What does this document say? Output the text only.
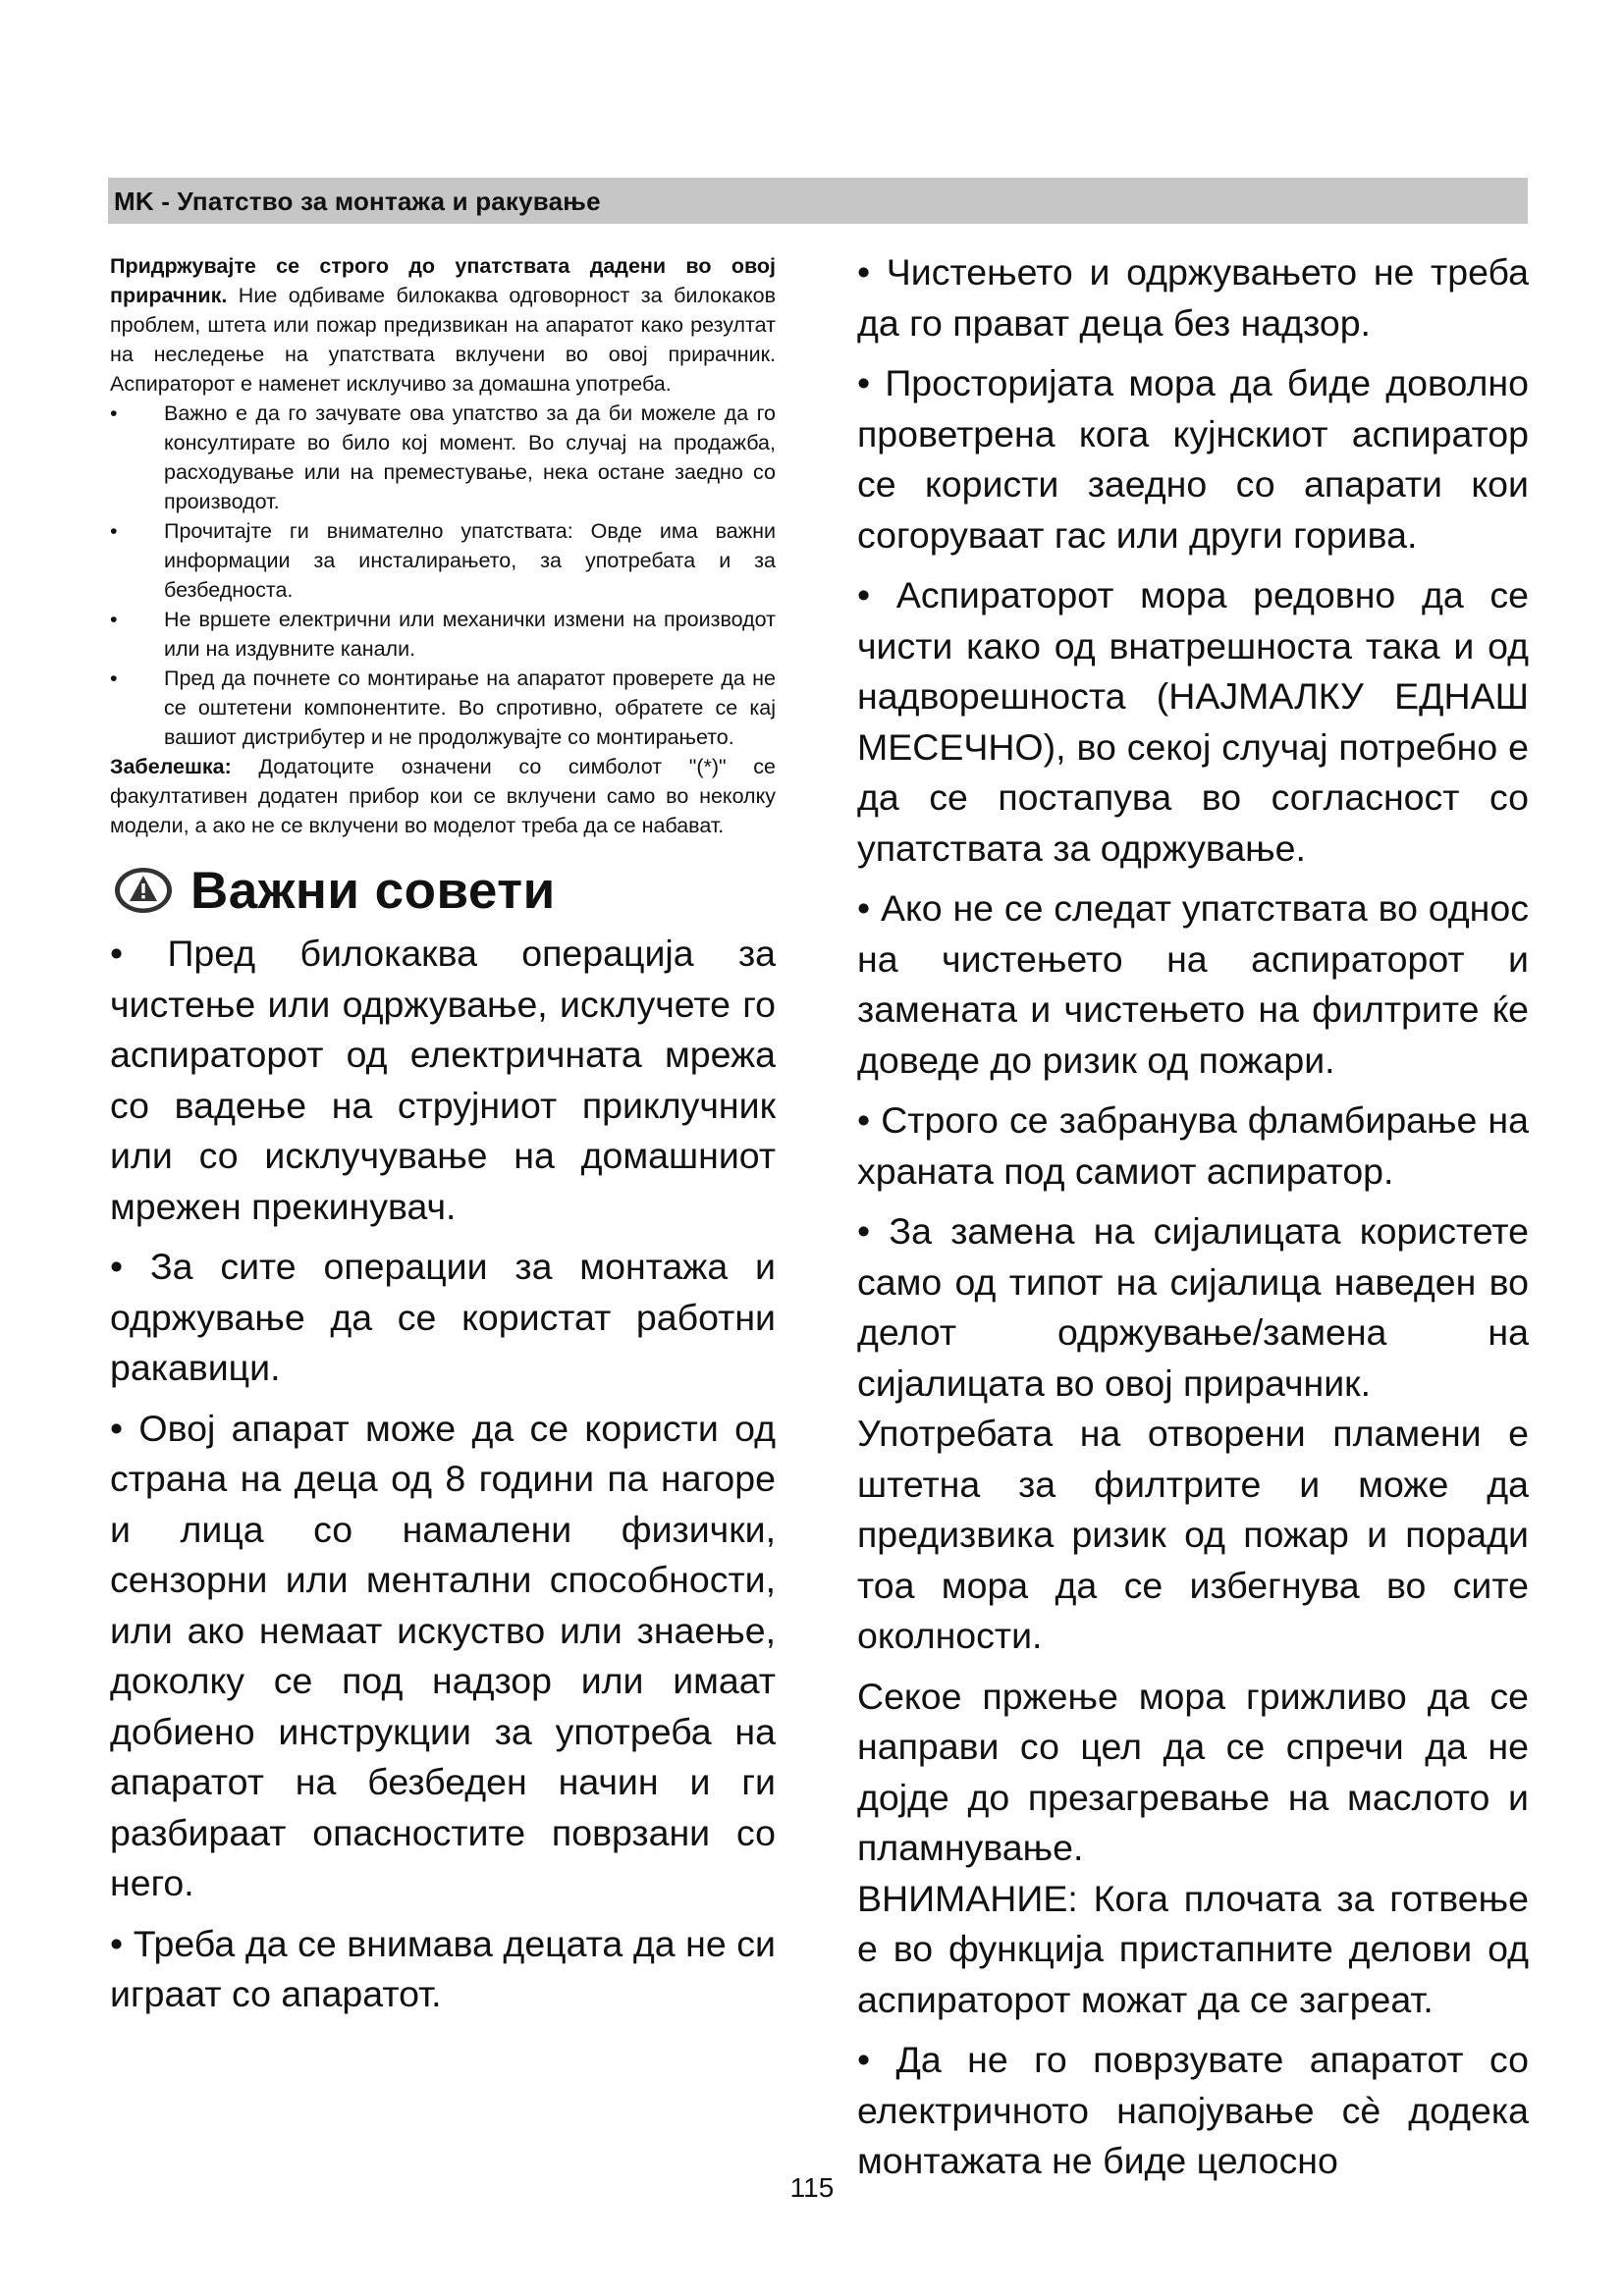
MK - Упатство за монтажа и ракување

Придржувајте се строго до упатствата дадени во овој прирачник. Ние одбиваме билокаква одговорност за билокаков проблем, штета или пожар предизвикан на апаратот како резултат на неследење на упатствата вклучени во овој прирачник. Аспираторот е наменет исклучиво за домашна употреба.

• Важно е да го зачувате ова упатство за да би можеле да го консултирате во било кој момент. Во случај на продажба, расходување или на преместување, нека остане заедно со производот.

• Прочитајте ги внимателно упатствата: Овде има важни информации за инсталирањето, за употребата и за безбедноста.

• Не вршете електрични или механички измени на производот или на издувните канали.

• Пред да почнете со монтирање на апаратот проверете да не се оштетени компонентите. Во спротивно, обратете се кај вашиот дистрибутер и не продолжувајте со монтирањето.

Забелешка: Додатоците означени со симболот "(*)" се факултативен додатен прибор кои се вклучени само во неколку модели, а ако не се вклучени во моделот треба да се набават.

Важни совети

• Пред билокаква операција за чистење или одржување, исклучете го аспираторот од електричната мрежа со вадење на струјниот приклучник или со исклучување на домашниот мрежен прекинувач.

• За сите операции за монтажа и одржување да се користат работни ракавици.

• Овој апарат може да се користи од страна на деца од 8 години па нагоре и лица со намалени физички, сензорни или ментални способности, или ако немаат искуство или знаење, доколку се под надзор или имаат добиено инструкции за употреба на апаратот на безбеден начин и ги разбираат опасностите поврзани со него.

• Треба да се внимава децата да не си играат со апаратот.

• Чистењето и одржувањето не треба да го прават деца без надзор.

• Просторијата мора да биде доволно проветрена кога кујнскиот аспиратор се користи заедно со апарати кои согоруваат гас или други горива.

• Аспираторот мора редовно да се чисти како од внатрешноста така и од надворешноста (НАЈМАЛКУ ЕДНАШ МЕСЕЧНО), во секој случај потребно е да се постапува во согласност со упатствата за одржување.

• Ако не се следат упатствата во однос на чистењето на аспираторот и замената и чистењето на филтрите ќе доведе до ризик од пожари.

• Строго се забранува фламбирање на храната под самиот аспиратор.

• За замена на сијалицата користете само од типот на сијалица наведен во делот одржување/замена на сијалицата во овој прирачник.

Употребата на отворени пламени е штетна за филтрите и може да предизвика ризик од пожар и поради тоа мора да се избегнува во сите околности.

Секое пржење мора грижливо да се направи со цел да се спречи да не дојде до презагревање на маслото и пламнување.

ВНИМАНИЕ: Кога плочата за готвење е во функција пристапните делови од аспираторот можат да се загреат.

• Да не го поврзувате апаратот со електричното напојување сè додека монтажата не биде целосно

115
